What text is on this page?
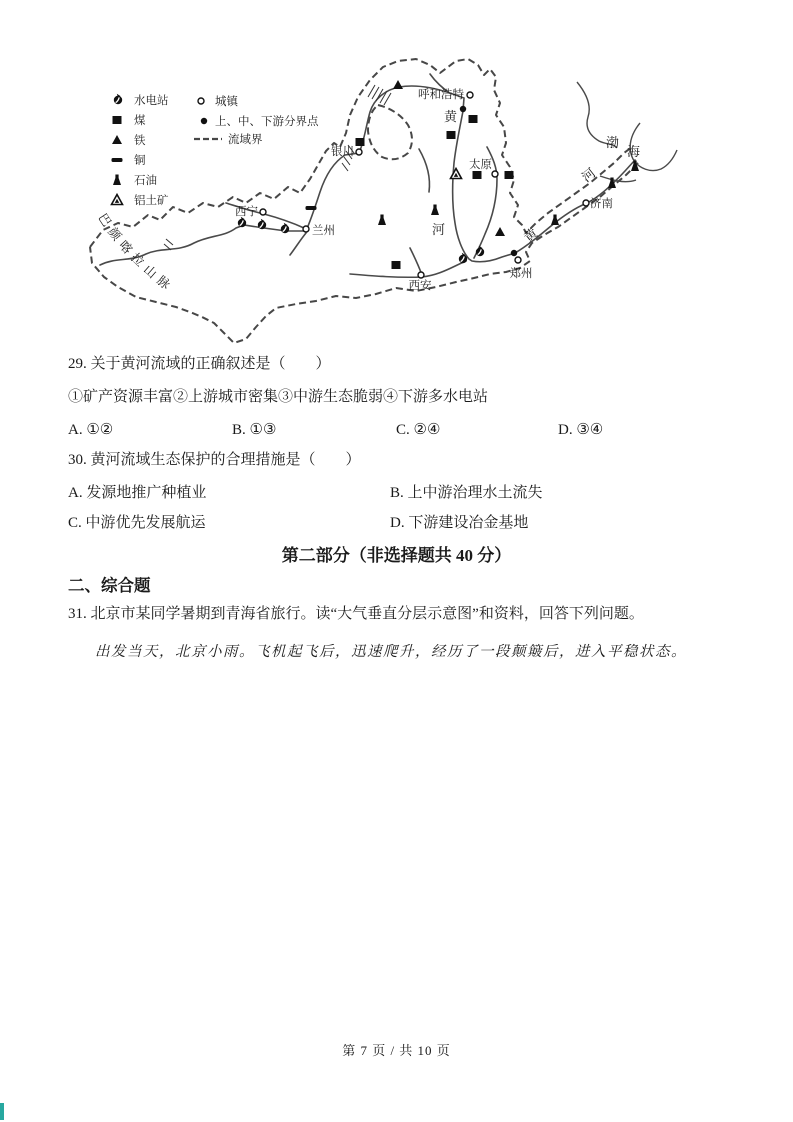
呼和浩特
银川
西宁
兰州
太原
西安
郑州
济南
黄
河	黄
河
渤
海
巴颜喀拉山脉
水电站
煤
铁
铜
石油
铝土矿
城镇
上、中、下游分界点
流域界
29. 关于黄河流域的正确叙述是（　　）
①矿产资源丰富②上游城市密集③中游生态脆弱④下游多水电站
A. ①②	B. ①③	C. ②④	D. ③④
30. 黄河流域生态保护的合理措施是（　　）
A. 发源地推广种植业	B. 上中游治理水土流失
C. 中游优先发展航运	D. 下游建设冶金基地
第二部分（非选择题共 40 分）
二、综合题
31. 北京市某同学暑期到青海省旅行。读“大气垂直分层示意图”和资料，回答下列问题。
出发当天，北京小雨。飞机起飞后，迅速爬升，经历了一段颠簸后，进入平稳状态。
第 7 页 / 共 10 页
